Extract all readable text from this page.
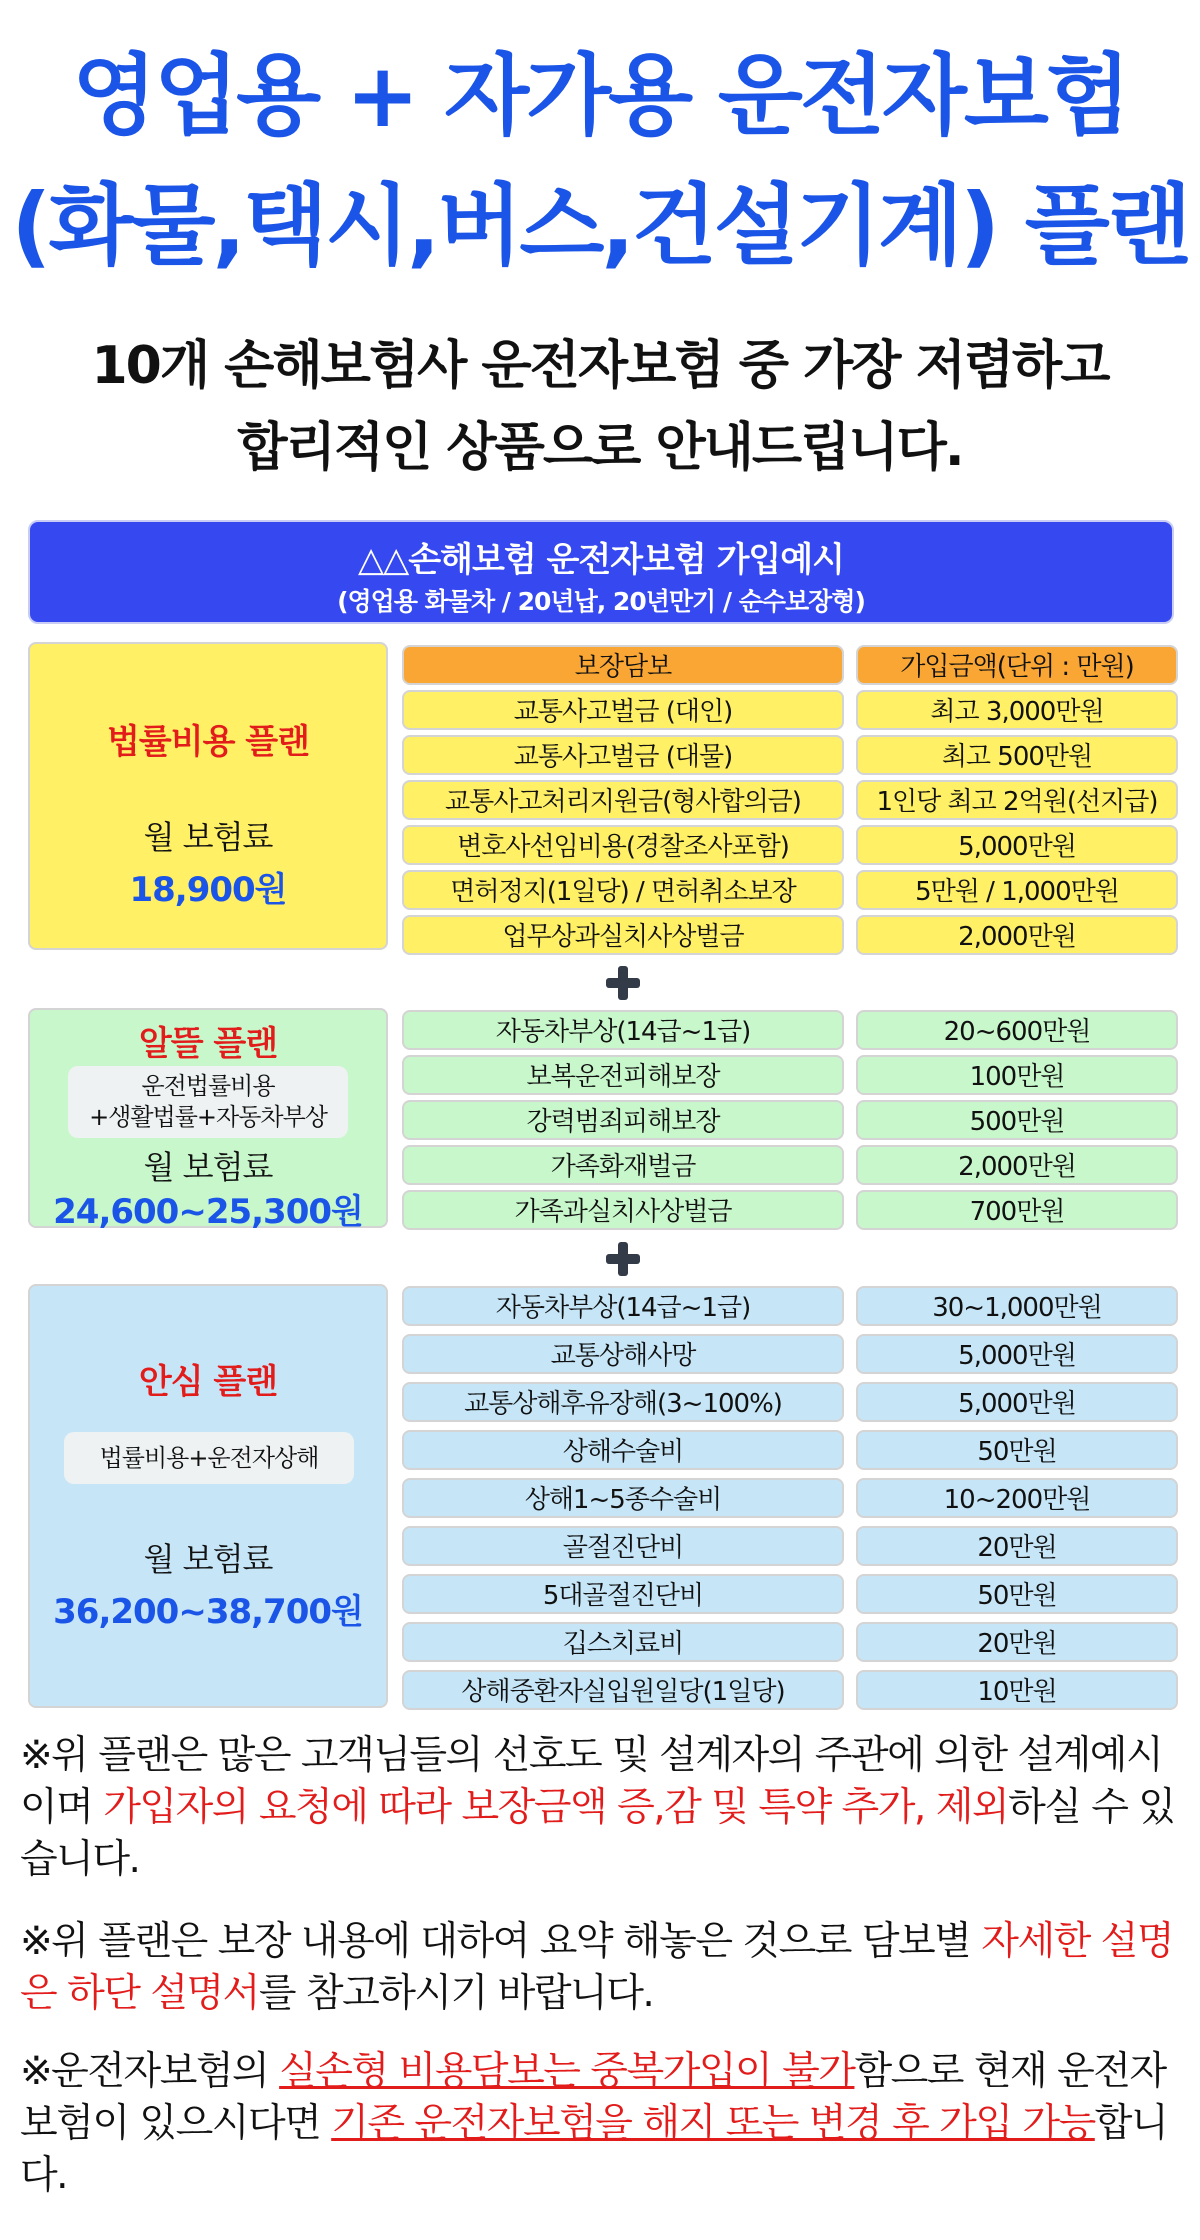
영업용 + 자가용 운전자보험
(화물,택시,버스,건설기계) 플랜
10개 손해보험사 운전자보험 중 가장 저렴하고
합리적인 상품으로 안내드립니다.
△△손해보험 운전자보험 가입예시
(영업용 화물차 / 20년납, 20년만기 / 순수보장형)
법률비용 플랜
월 보험료
18,900원
보장담보	가입금액(단위 : 만원)
교통사고벌금 (대인)	최고 3,000만원
교통사고벌금 (대물)	최고 500만원
교통사고처리지원금(형사합의금)	1인당 최고 2억원(선지급)
변호사선임비용(경찰조사포함)	5,000만원
면허정지(1일당) / 면허취소보장	5만원 / 1,000만원
업무상과실치사상벌금	2,000만원
알뜰 플랜
운전법률비용
+생활법률+자동차부상
월 보험료
24,600~25,300원
자동차부상(14급~1급)	20~600만원
보복운전피해보장	100만원
강력범죄피해보장	500만원
가족화재벌금	2,000만원
가족과실치사상벌금	700만원
안심 플랜
법률비용+운전자상해
월 보험료
36,200~38,700원
자동차부상(14급~1급)	30~1,000만원
교통상해사망	5,000만원
교통상해후유장해(3~100%)	5,000만원
상해수술비	50만원
상해1~5종수술비	10~200만원
골절진단비	20만원
5대골절진단비	50만원
깁스치료비	20만원
상해중환자실입원일당(1일당)	10만원
※위 플랜은 많은 고객님들의 선호도 및 설계자의 주관에 의한 설계예시 이며 가입자의 요청에 따라 보장금액 증,감 및 특약 추가, 제외하실 수 있습니다.
※위 플랜은 보장 내용에 대하여 요약 해놓은 것으로 담보별 자세한 설명은 하단 설명서를 참고하시기 바랍니다.
※운전자보험의 실손형 비용담보는 중복가입이 불가함으로 현재 운전자보험이 있으시다면 기존 운전자보험을 해지 또는 변경 후 가입 가능합니다.
